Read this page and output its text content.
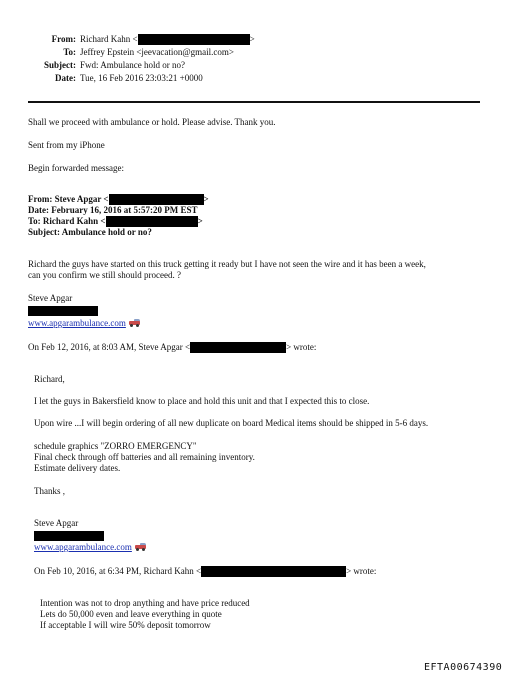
From: Richard Kahn <	>
To: Jeffrey Epstein <jeevacation@gmail.com>
Subject: Fwd: Ambulance hold or no?
Date: Tue, 16 Feb 2016 23:03:21 +0000
Shall we proceed with ambulance or hold. Please advise. Thank you.
Sent from my iPhone
Begin forwarded message:
From: Steve Apgar <	>
Date: February 16, 2016 at 5:57:20 PM EST
To: Richard Kahn <	>
Subject: Ambulance hold or no?
Richard the guys have started on this truck getting it ready but I have not seen the wire and it has been a week,
can you confirm we still should proceed. ?
Steve Apgar
www.apgarambulance.com
On Feb 12, 2016, at 8:03 AM, Steve Apgar <	> wrote:
Richard,
I let the guys in Bakersfield know to place and hold this unit and that I expected this to close.
Upon wire ...I will begin ordering of all new duplicate on board Medical items should be shipped in 5-6 days.
schedule graphics "ZORRO EMERGENCY"
Final check through off batteries and all remaining inventory.
Estimate delivery dates.
Thanks ,
Steve Apgar
www.apgarambulance.com
On Feb 10, 2016, at 6:34 PM, Richard Kahn <	> wrote:
Intention was not to drop anything and have price reduced
Lets do 50,000 even and leave everything in quote
If acceptable I will wire 50% deposit tomorrow
EFTA00674390
